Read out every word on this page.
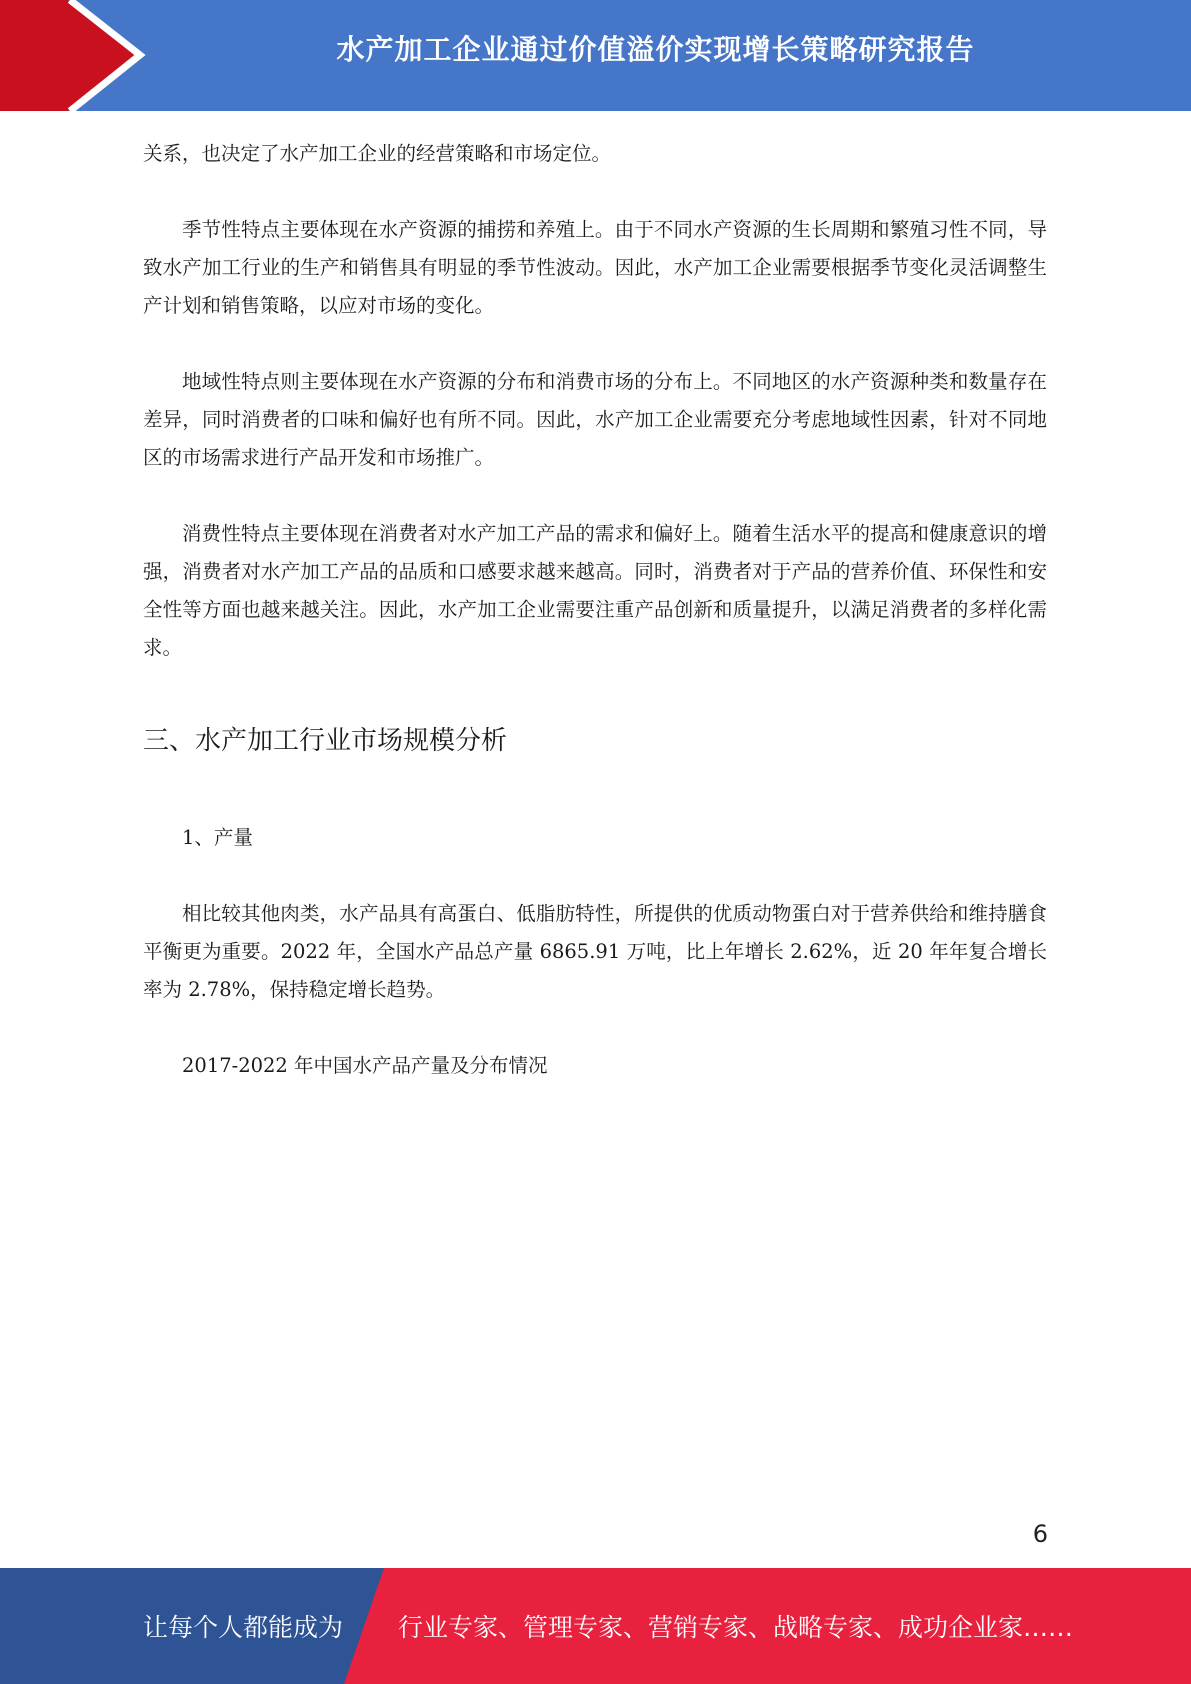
水产加工企业通过价值溢价实现增长策略研究报告

关系，也决定了水产加工企业的经营策略和市场定位。

季节性特点主要体现在水产资源的捕捞和养殖上。由于不同水产资源的生长周期和繁殖习性不同，导致水产加工行业的生产和销售具有明显的季节性波动。因此，水产加工企业需要根据季节变化灵活调整生产计划和销售策略，以应对市场的变化。

地域性特点则主要体现在水产资源的分布和消费市场的分布上。不同地区的水产资源种类和数量存在差异，同时消费者的口味和偏好也有所不同。因此，水产加工企业需要充分考虑地域性因素，针对不同地区的市场需求进行产品开发和市场推广。

消费性特点主要体现在消费者对水产加工产品的需求和偏好上。随着生活水平的提高和健康意识的增强，消费者对水产加工产品的品质和口感要求越来越高。同时，消费者对于产品的营养价值、环保性和安全性等方面也越来越关注。因此，水产加工企业需要注重产品创新和质量提升，以满足消费者的多样化需求。

三、水产加工行业市场规模分析

1、产量

相比较其他肉类，水产品具有高蛋白、低脂肪特性，所提供的优质动物蛋白对于营养供给和维持膳食平衡更为重要。2022 年，全国水产品总产量 6865.91 万吨，比上年增长 2.62%，近 20 年年复合增长率为 2.78%，保持稳定增长趋势。

2017-2022 年中国水产品产量及分布情况

6
让每个人都能成为 行业专家、管理专家、营销专家、战略专家、成功企业家……
